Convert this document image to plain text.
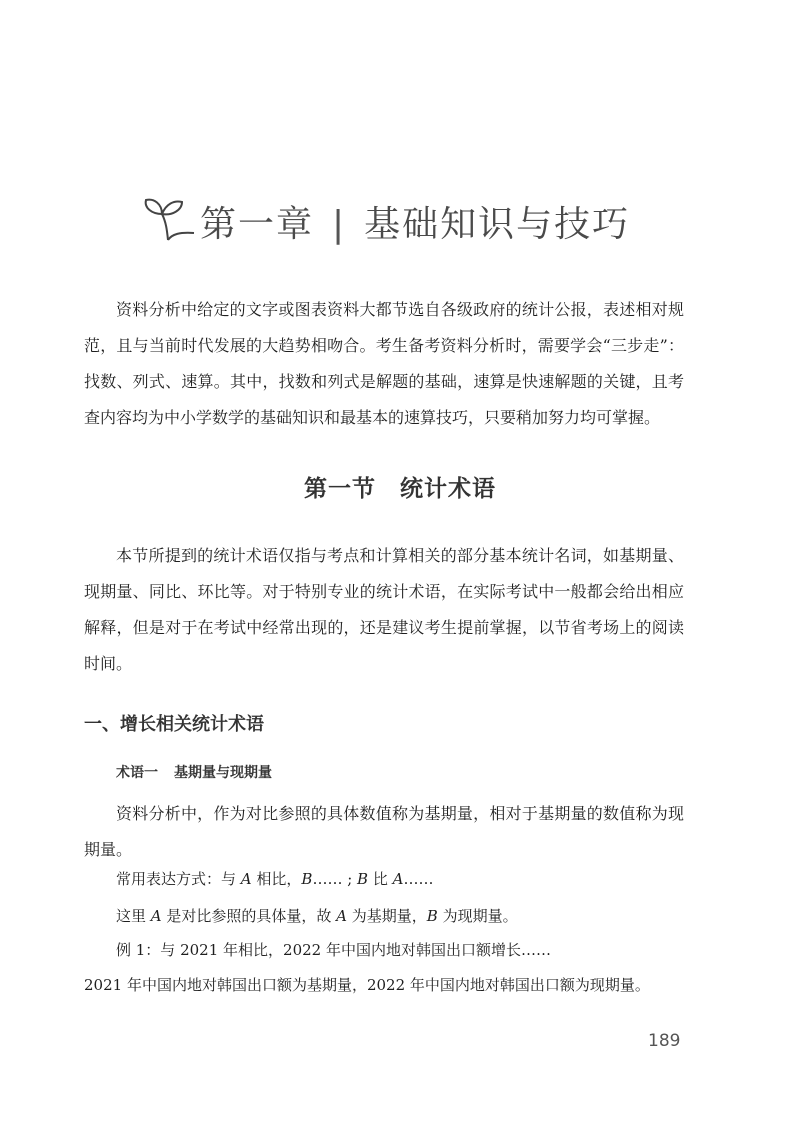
第一章 | 基础知识与技巧

资料分析中给定的文字或图表资料大都节选自各级政府的统计公报，表述相对规范，且与当前时代发展的大趋势相吻合。考生备考资料分析时，需要学会“三步走”：找数、列式、速算。其中，找数和列式是解题的基础，速算是快速解题的关键，且考查内容均为中小学数学的基础知识和最基本的速算技巧，只要稍加努力均可掌握。

第一节 统计术语

本节所提到的统计术语仅指与考点和计算相关的部分基本统计名词，如基期量、现期量、同比、环比等。对于特别专业的统计术语，在实际考试中一般都会给出相应解释，但是对于在考试中经常出现的，还是建议考生提前掌握，以节省考场上的阅读时间。

一、增长相关统计术语
术语一 基期量与现期量

资料分析中，作为对比参照的具体数值称为基期量，相对于基期量的数值称为现期量。

常用表达方式：与 A 相比，B…… ; B 比 A……

这里 A 是对比参照的具体量，故 A 为基期量，B 为现期量。

例 1：与 2021 年相比，2022 年中国内地对韩国出口额增长……

2021 年中国内地对韩国出口额为基期量，2022 年中国内地对韩国出口额为现期量。

189
